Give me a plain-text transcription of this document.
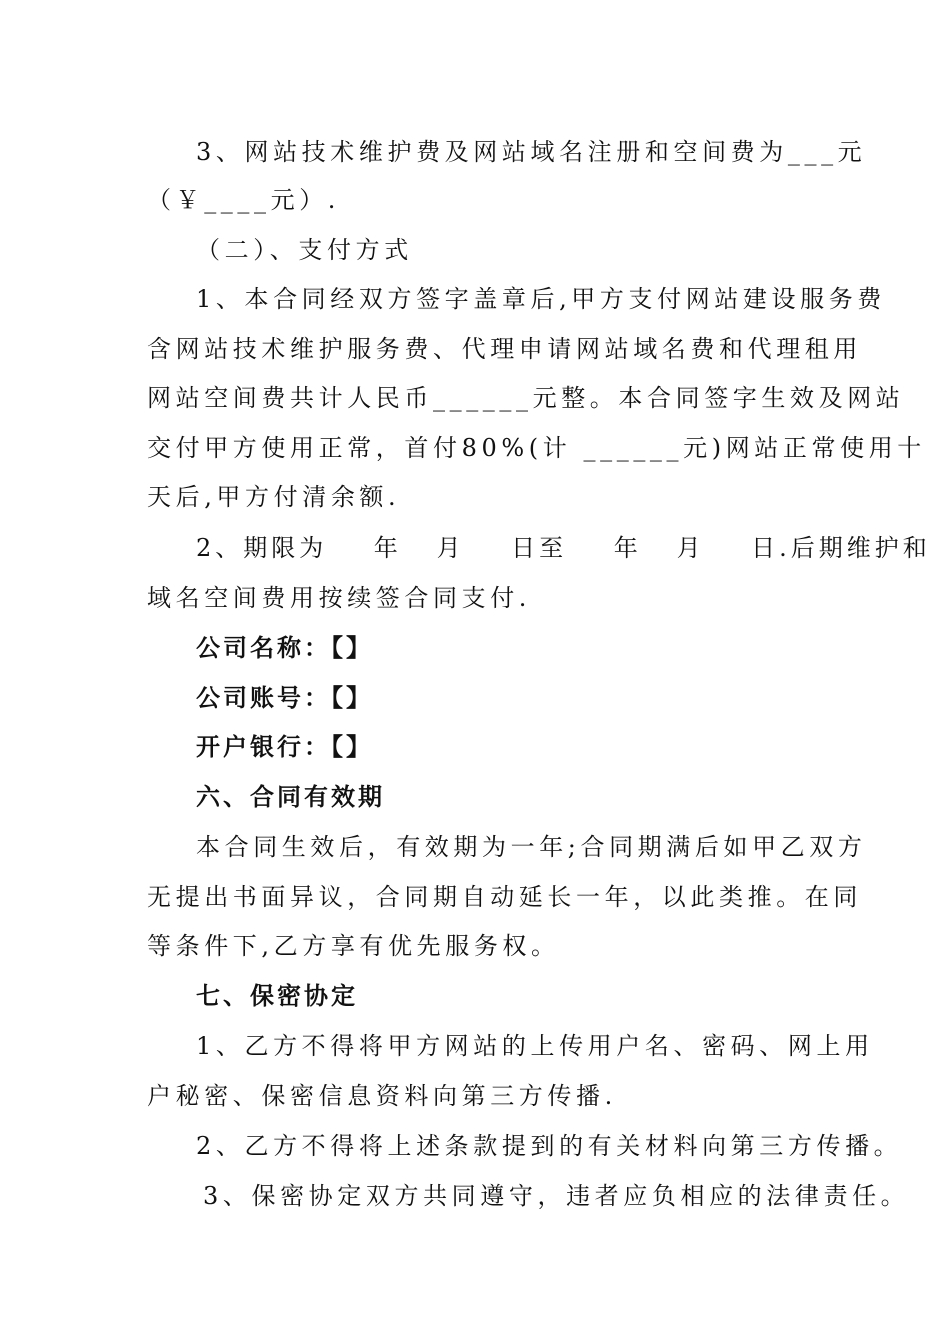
3、网站技术维护费及网站域名注册和空间费为___元
（￥____元）.
（二）、支付方式
1、本合同经双方签字盖章后,甲方支付网站建设服务费
含网站技术维护服务费、代理申请网站域名费和代理租用
网站空间费共计人民币______元整。本合同签字生效及网站
交付甲方使用正常，首付80%(计 ______元)网站正常使用十
天后,甲方付清余额.
2、期限为    年   月    日至    年   月    日.后期维护和
域名空间费用按续签合同支付.
公司名称：【】
公司账号：【】
开户银行：【】
六、合同有效期
本合同生效后，有效期为一年;合同期满后如甲乙双方
无提出书面异议，合同期自动延长一年，以此类推。在同
等条件下,乙方享有优先服务权。
七、保密协定
1、乙方不得将甲方网站的上传用户名、密码、网上用
户秘密、保密信息资料向第三方传播.
2、乙方不得将上述条款提到的有关材料向第三方传播。
3、保密协定双方共同遵守，违者应负相应的法律责任。
